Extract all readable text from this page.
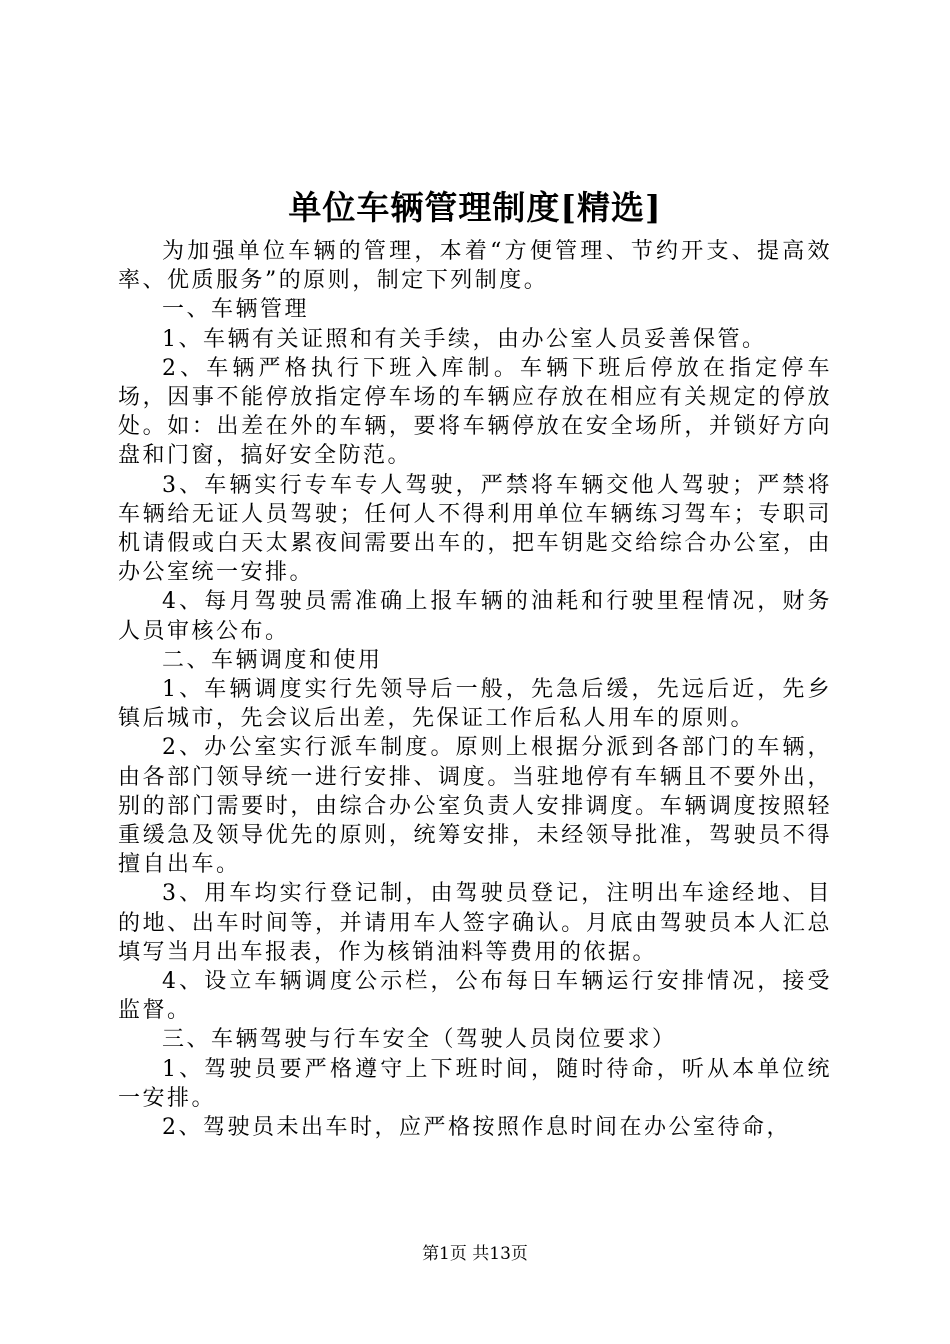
单位车辆管理制度[精选]

为加强单位车辆的管理，本着“方便管理、节约开支、提高效率、优质服务”的原则，制定下列制度。

一、车辆管理

1、车辆有关证照和有关手续，由办公室人员妥善保管。

2、车辆严格执行下班入库制。车辆下班后停放在指定停车场，因事不能停放指定停车场的车辆应存放在相应有关规定的停放处。如：出差在外的车辆，要将车辆停放在安全场所，并锁好方向盘和门窗，搞好安全防范。

3、车辆实行专车专人驾驶，严禁将车辆交他人驾驶；严禁将车辆给无证人员驾驶；任何人不得利用单位车辆练习驾车；专职司机请假或白天太累夜间需要出车的，把车钥匙交给综合办公室，由办公室统一安排。

4、每月驾驶员需准确上报车辆的油耗和行驶里程情况，财务人员审核公布。

二、车辆调度和使用

1、车辆调度实行先领导后一般，先急后缓，先远后近，先乡镇后城市，先会议后出差，先保证工作后私人用车的原则。

2、办公室实行派车制度。原则上根据分派到各部门的车辆，由各部门领导统一进行安排、调度。当驻地停有车辆且不要外出，别的部门需要时，由综合办公室负责人安排调度。车辆调度按照轻重缓急及领导优先的原则，统筹安排，未经领导批准，驾驶员不得擅自出车。

3、用车均实行登记制，由驾驶员登记，注明出车途经地、目的地、出车时间等，并请用车人签字确认。月底由驾驶员本人汇总填写当月出车报表，作为核销油料等费用的依据。

4、设立车辆调度公示栏，公布每日车辆运行安排情况，接受监督。

三、车辆驾驶与行车安全（驾驶人员岗位要求）

1、驾驶员要严格遵守上下班时间，随时待命，听从本单位统一安排。

2、驾驶员未出车时，应严格按照作息时间在办公室待命，

第1页 共13页
